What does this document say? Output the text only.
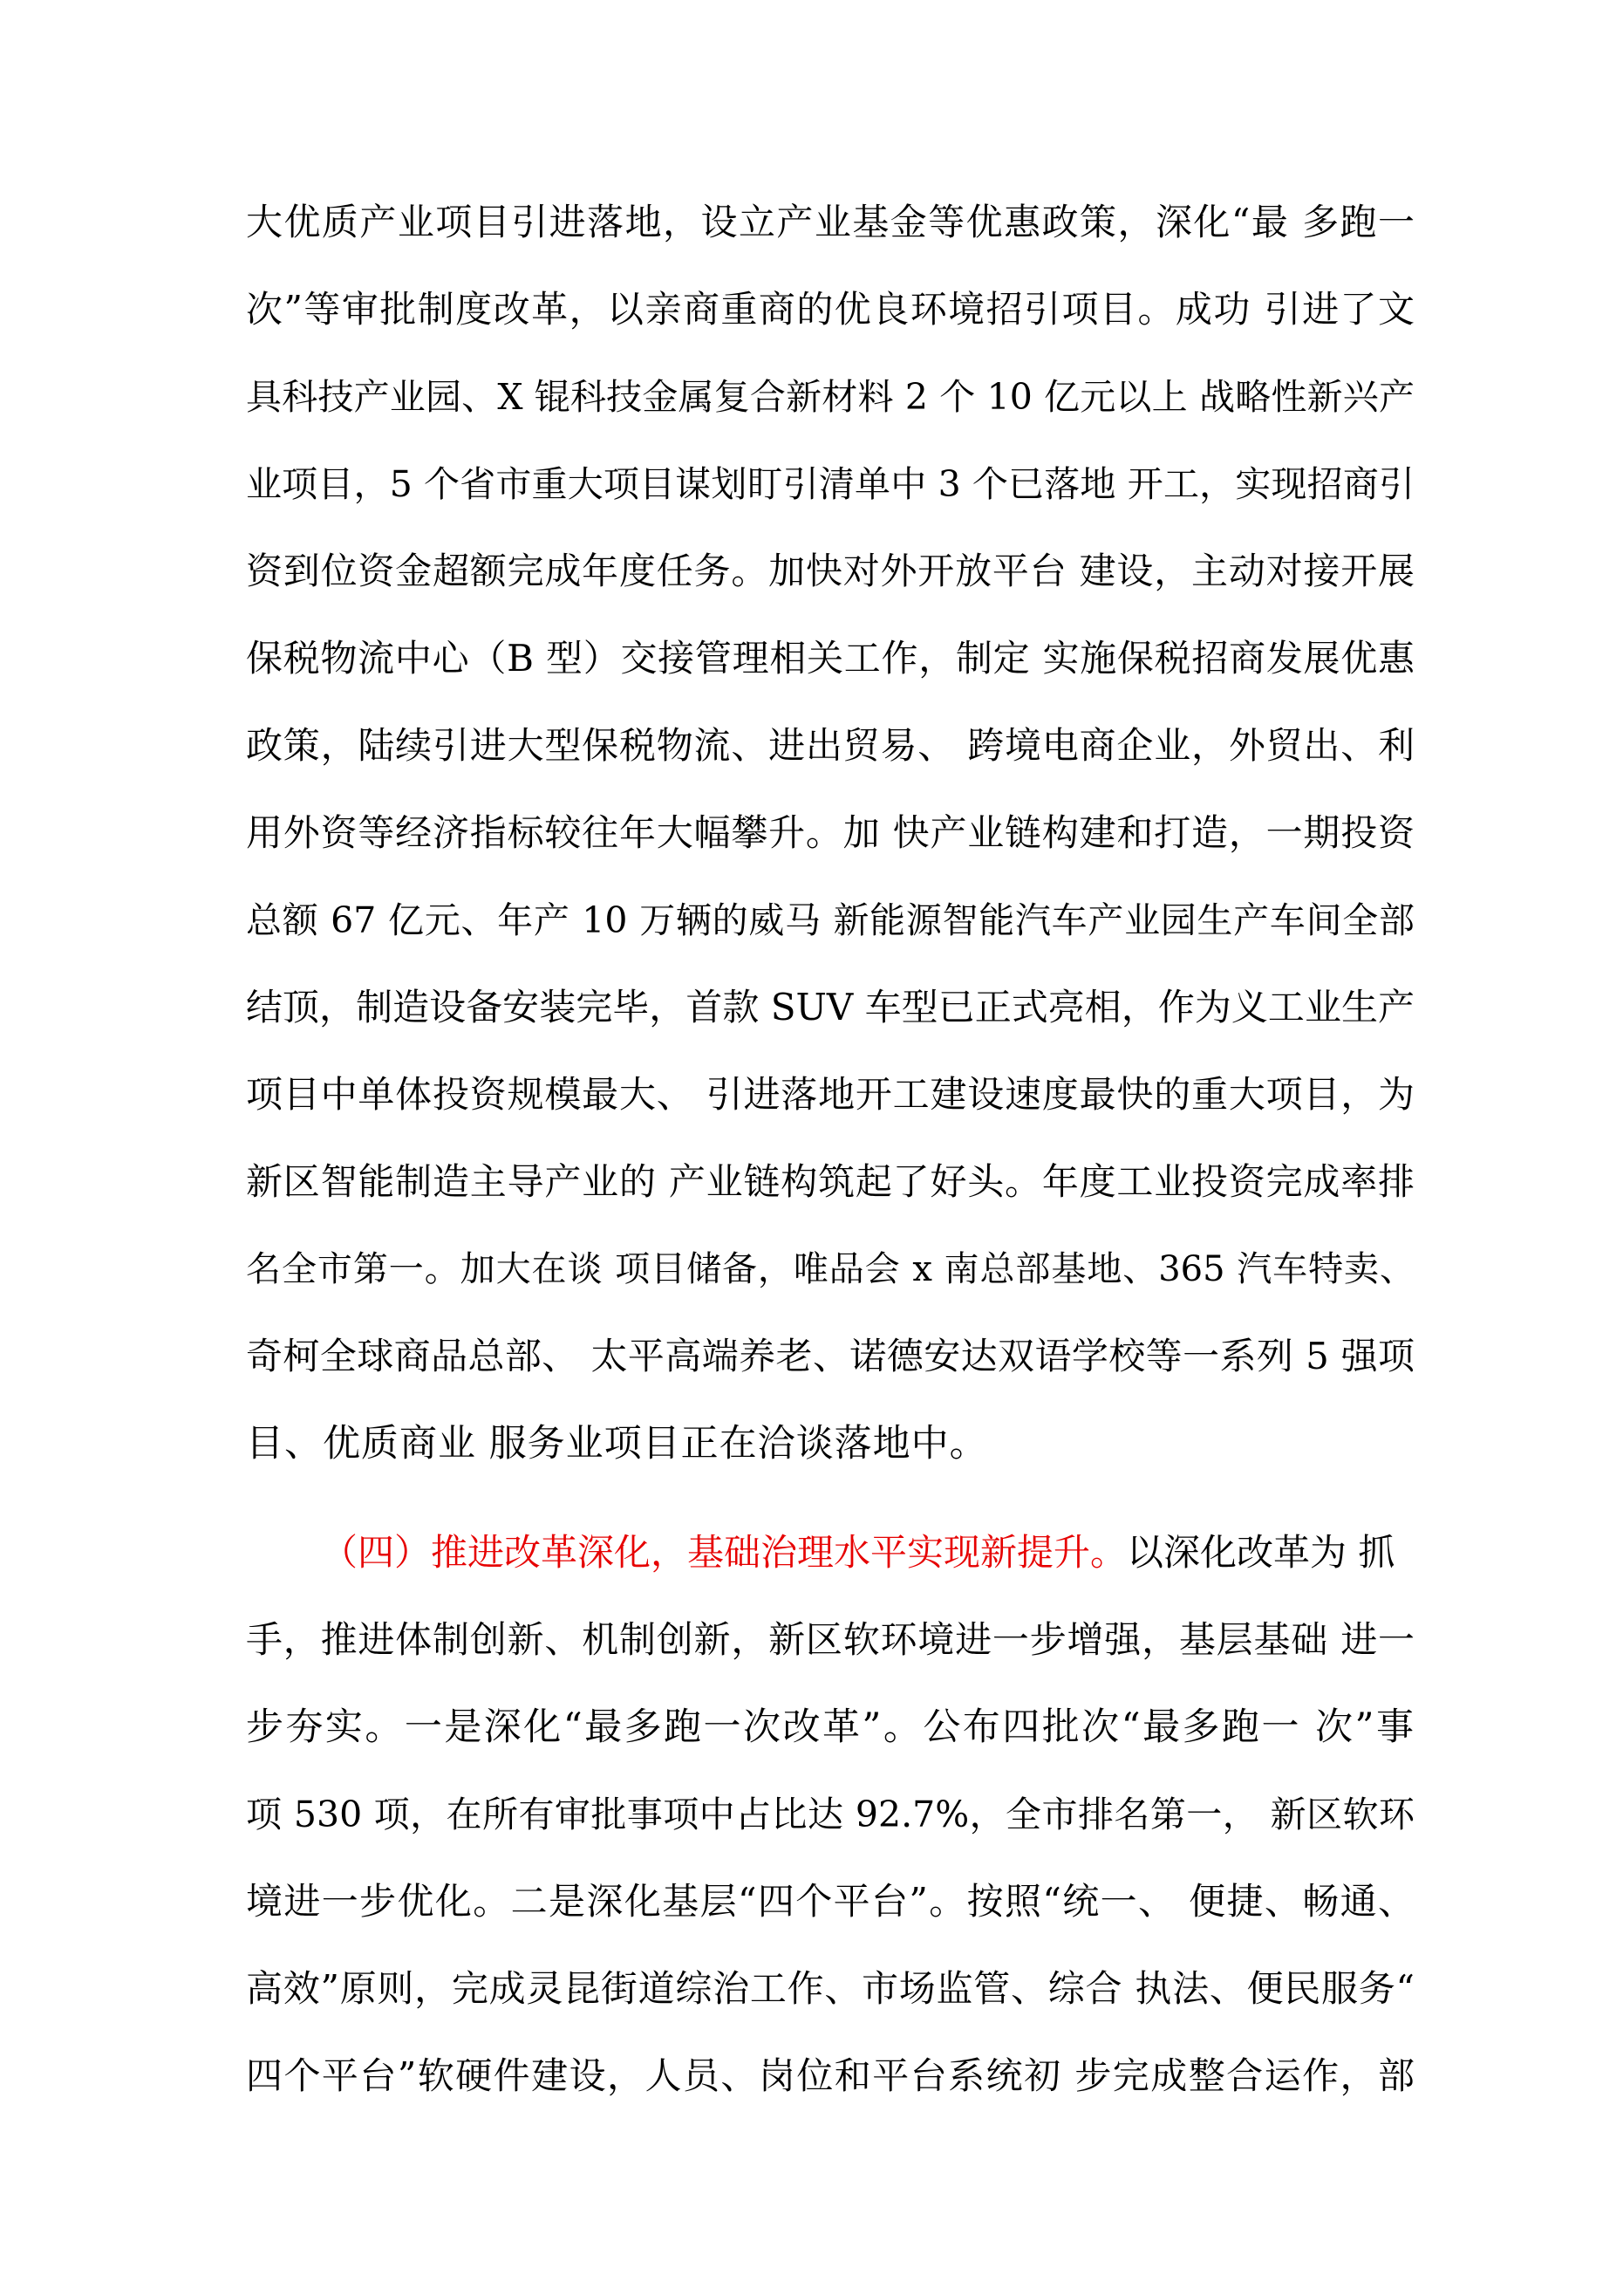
大优质产业项目引进落地，设立产业基金等优惠政策，深化“最 多跑一
次”等审批制度改革，以亲商重商的优良环境招引项目。成功 引进了文
具科技产业园、X 锟科技金属复合新材料 2 个 10 亿元以上 战略性新兴产
业项目，5 个省市重大项目谋划盯引清单中 3 个已落地 开工，实现招商引
资到位资金超额完成年度任务。加快对外开放平台 建设，主动对接开展
保税物流中心（B 型）交接管理相关工作，制定 实施保税招商发展优惠
政策，陆续引进大型保税物流、进出贸易、 跨境电商企业，外贸出、利
用外资等经济指标较往年大幅攀升。加 快产业链构建和打造，一期投资
总额 67 亿元、年产 10 万辆的威马 新能源智能汽车产业园生产车间全部
结顶，制造设备安装完毕，首款 SUV 车型已正式亮相，作为义工业生产
项目中单体投资规模最大、 引进落地开工建设速度最快的重大项目，为
新区智能制造主导产业的 产业链构筑起了好头。年度工业投资完成率排
名全市第一。加大在谈 项目储备，唯品会 x 南总部基地、365 汽车特卖、
奇柯全球商品总部、 太平高端养老、诺德安达双语学校等一系列 5 强项
目、优质商业 服务业项目正在洽谈落地中。
（四）推进改革深化，基础治理水平实现新提升。以深化改革为 抓
手，推进体制创新、机制创新，新区软环境进一步增强，基层基础 进一
步夯实。一是深化“最多跑一次改革”。公布四批次“最多跑一 次”事
项 530 项，在所有审批事项中占比达 92.7%，全市排名第一， 新区软环
境进一步优化。二是深化基层“四个平台”。按照“统一、 便捷、畅通、
高效”原则，完成灵昆街道综治工作、市场监管、综合 执法、便民服务“
四个平台”软硬件建设，人员、岗位和平台系统初 步完成整合运作，部
